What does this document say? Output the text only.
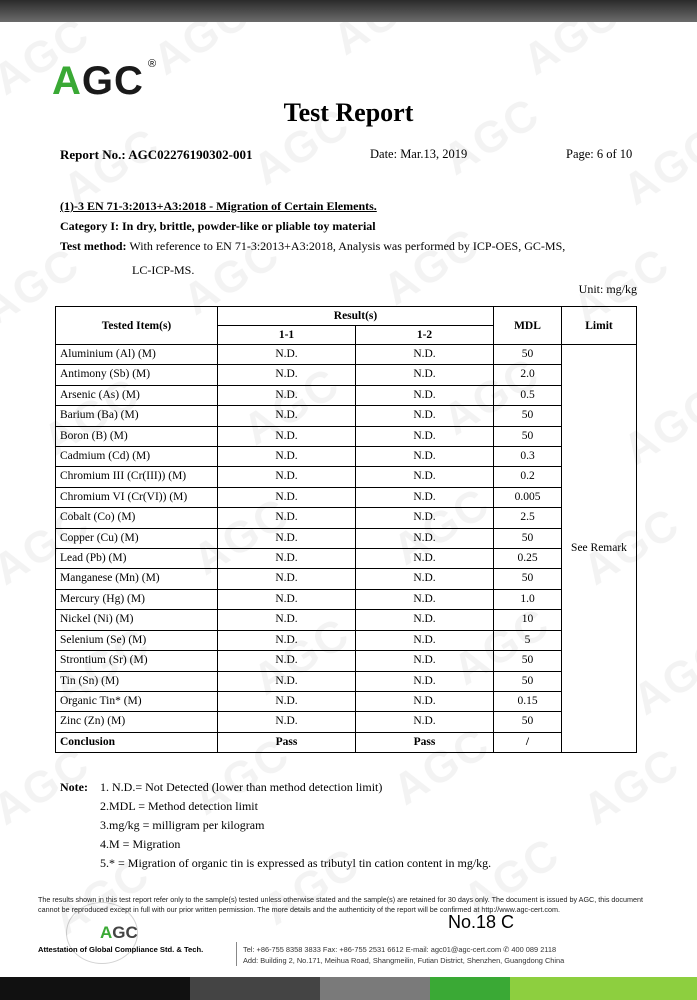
AGC ®
Test Report
Report No.: AGC02276190302-001	Date: Mar.13, 2019	Page: 6 of 10
(1)-3 EN 71-3:2013+A3:2018 - Migration of Certain Elements.
Category I: In dry, brittle, powder-like or pliable toy material
Test method: With reference to EN 71-3:2013+A3:2018, Analysis was performed by ICP-OES, GC-MS,
LC-ICP-MS.
Unit: mg/kg
Tested Item(s)	Result(s)		MDL	Limit
	1-1	1-2		
Aluminium (Al) (M)	N.D.	N.D.	50	See Remark
Antimony (Sb) (M)	N.D.	N.D.	2.0	
Arsenic (As) (M)	N.D.	N.D.	0.5	
Barium (Ba) (M)	N.D.	N.D.	50	
Boron (B) (M)	N.D.	N.D.	50	
Cadmium (Cd) (M)	N.D.	N.D.	0.3	
Chromium III (Cr(III)) (M)	N.D.	N.D.	0.2	
Chromium VI (Cr(VI)) (M)	N.D.	N.D.	0.005	
Cobalt (Co) (M)	N.D.	N.D.	2.5	
Copper (Cu) (M)	N.D.	N.D.	50	
Lead (Pb) (M)	N.D.	N.D.	0.25	
Manganese (Mn) (M)	N.D.	N.D.	50	
Mercury (Hg) (M)	N.D.	N.D.	1.0	
Nickel (Ni) (M)	N.D.	N.D.	10	
Selenium (Se) (M)	N.D.	N.D.	5	
Strontium (Sr) (M)	N.D.	N.D.	50	
Tin (Sn) (M)	N.D.	N.D.	50	
Organic Tin* (M)	N.D.	N.D.	0.15	
Zinc (Zn) (M)	N.D.	N.D.	50	
Conclusion	Pass	Pass	/	
Note: 1. N.D.= Not Detected (lower than method detection limit)
2.MDL = Method detection limit
3.mg/kg = milligram per kilogram
4.M = Migration
5.* = Migration of organic tin is expressed as tributyl tin cation content in mg/kg.
The results shown in this test report refer only to the sample(s) tested unless otherwise stated and the sample(s) are retained for 30 days only. The document is issued by AGC, this document cannot be reproduced except in full with our prior written permission. The more details and the authenticity of the report will be confirmed at http://www.agc-cert.com.
AGC
Attestation of Global Compliance Std. & Tech.
No.18 C
Tel: +86-755 8358 3833 Fax: +86-755 2531 6612 E-mail: agc01@agc-cert.com ✆ 400 089 2118
Add: Building 2, No.171, Meihua Road, Shangmeilin, Futian District, Shenzhen, Guangdong China
